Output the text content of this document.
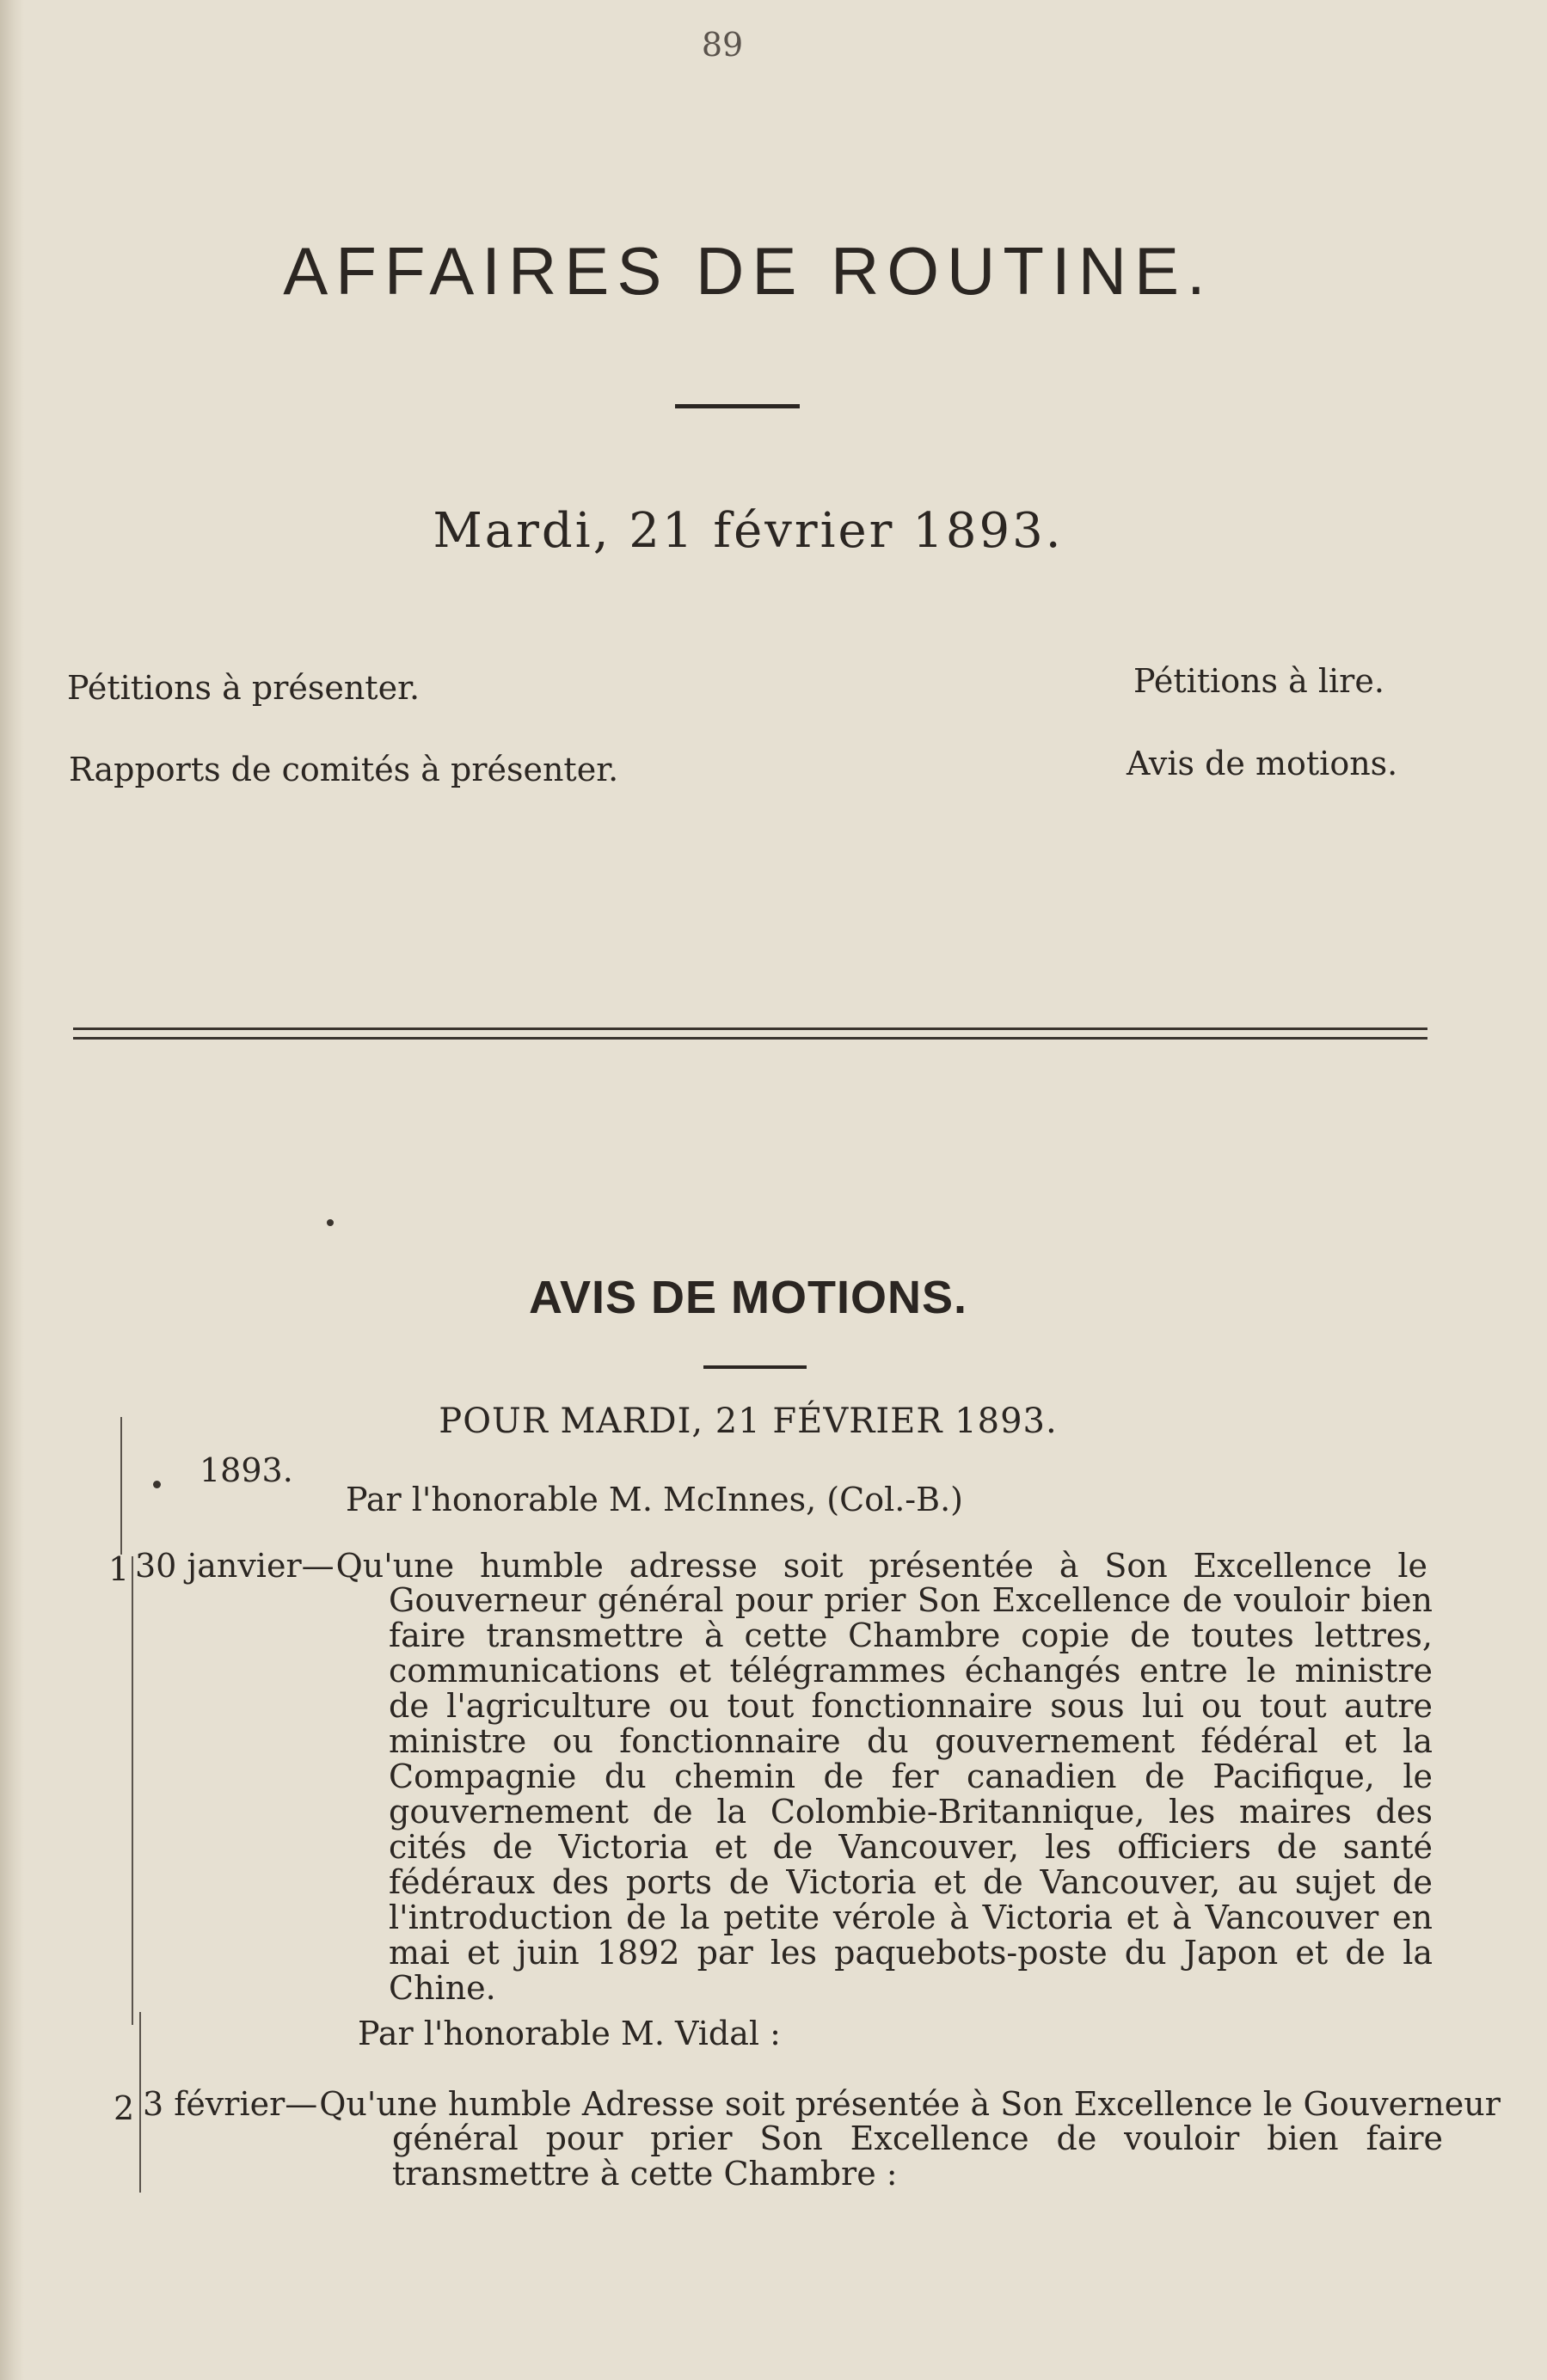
89
AFFAIRES DE ROUTINE.
Mardi, 21 février 1893.
Pétitions à présenter.
Rapports de comités à présenter.
Pétitions à lire.
Avis de motions.
AVIS DE MOTIONS.
POUR MARDI, 21 FÉVRIER 1893.
1893.
Par l'honorable M. McInnes, (Col.-B.)
1 30 janvier— Qu'une humble adresse soit présentée à Son Excellence le
Gouverneur général pour prier Son Excellence de vouloir bien faire transmettre à cette Chambre copie de toutes lettres, communications et télégrammes échangés entre le ministre de l'agriculture ou tout fonctionnaire sous lui ou tout autre ministre ou fonctionnaire du gouvernement fédéral et la Compagnie du chemin de fer canadien de Pacifique, le gouvernement de la Colombie-Britannique, les maires des cités de Victoria et de Vancouver, les officiers de santé fédéraux des ports de Victoria et de Vancouver, au sujet de l'introduction de la petite vérole à Victoria et à Vancouver en mai et juin 1892 par les paquebots-poste du Japon et de la Chine.
Par l'honorable M. Vidal :
2 3 février— Qu'une humble Adresse soit présentée à Son Excellence le Gouverneur
général pour prier Son Excellence de vouloir bien faire transmettre à cette Chambre :
